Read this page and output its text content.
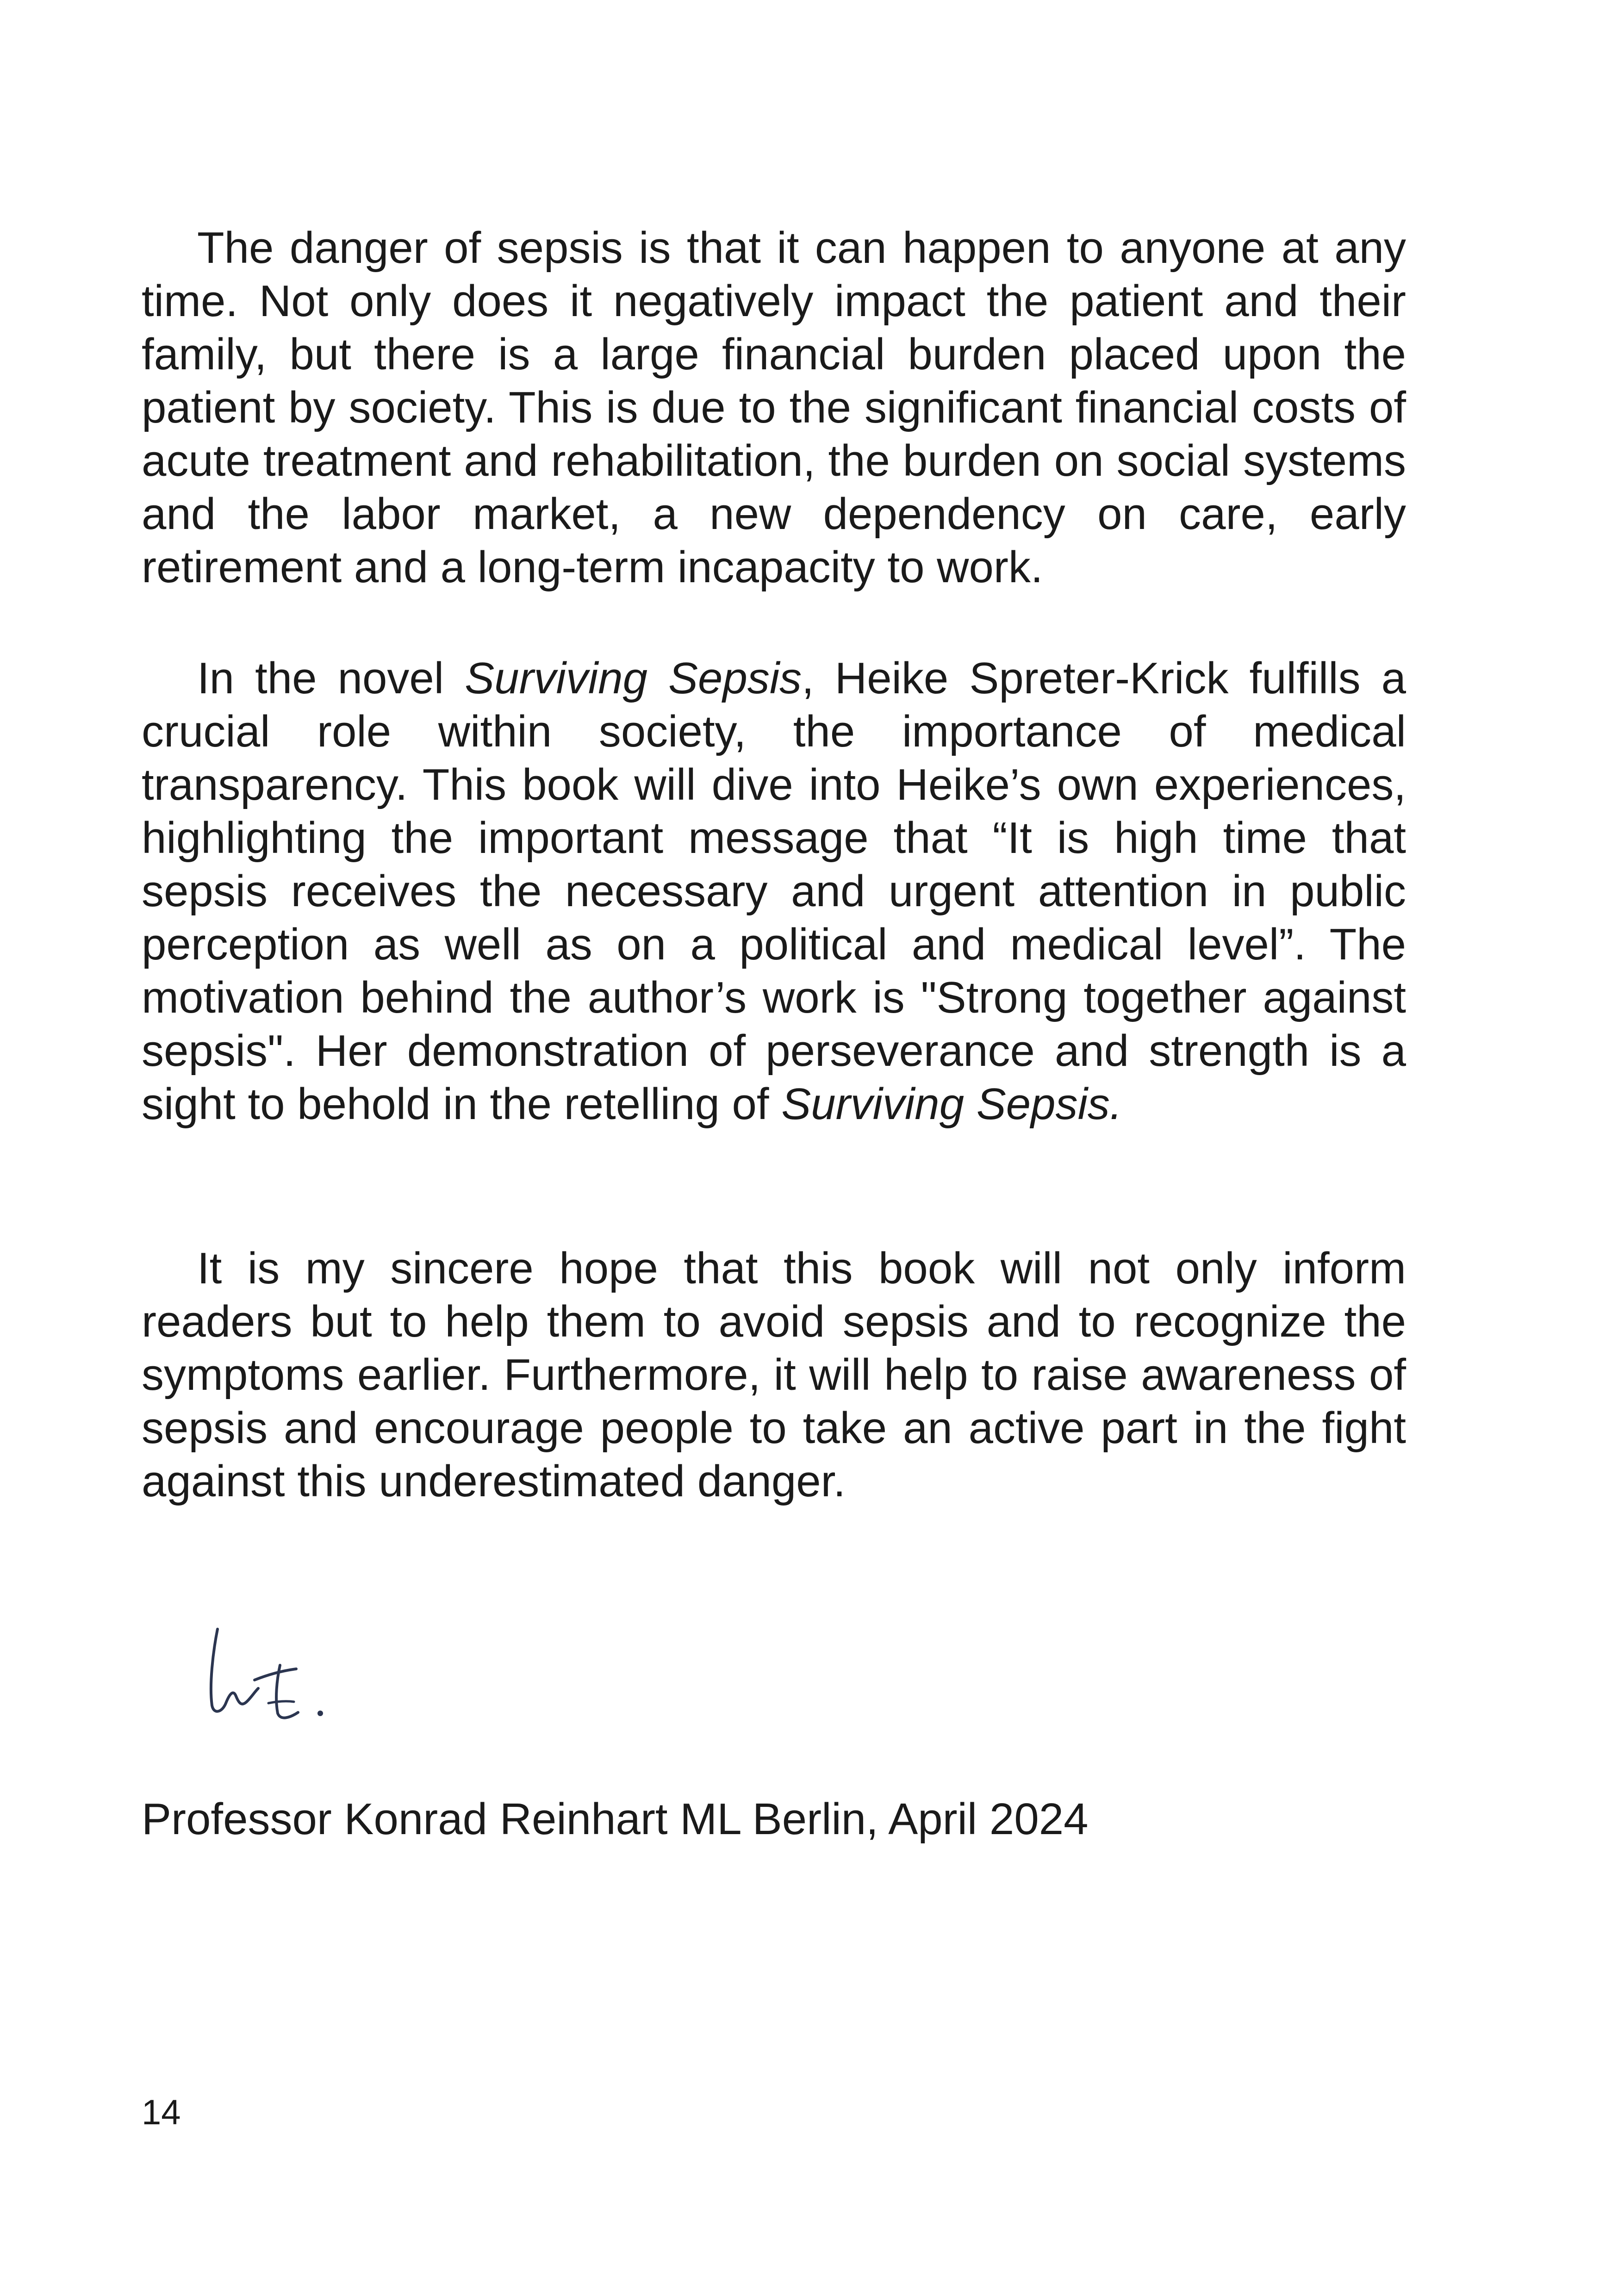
The danger of sepsis is that it can happen to anyone at any time. Not only does it negatively impact the patient and their family, but there is a large financial burden placed upon the patient by society. This is due to the significant financial costs of acute treatment and rehabilitation, the burden on social systems and the labor market, a new dependency on care, early retirement and a long-term incapacity to work.

In the novel Surviving Sepsis, Heike Spreter-Krick fulfills a crucial role within society, the importance of medical transparency. This book will dive into Heike’s own experiences, highlighting the important message that “It is high time that sepsis receives the necessary and urgent attention in public perception as well as on a political and medical level”. The motivation behind the author’s work is "Strong together against sepsis". Her demonstration of perseverance and strength is a sight to behold in the retelling of Surviving Sepsis.

It is my sincere hope that this book will not only inform readers but to help them to avoid sepsis and to recognize the symptoms earlier. Furthermore, it will help to raise awareness of sepsis and encourage people to take an active part in the fight against this underestimated danger.

Professor Konrad Reinhart ML Berlin, April 2024

14
